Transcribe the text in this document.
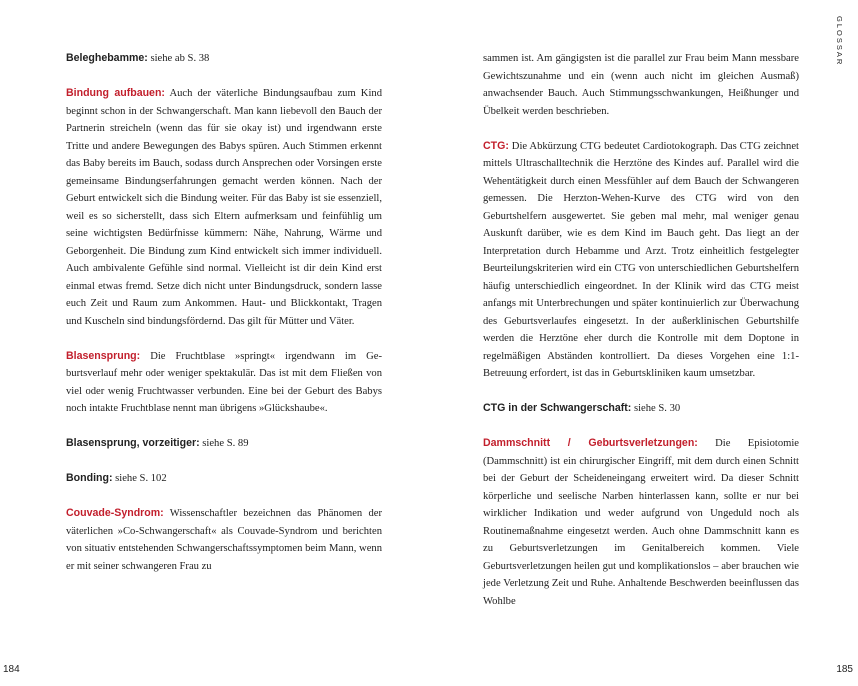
Beleghebamme: siehe ab S. 38

Bindung aufbauen: Auch der väterliche Bindungsaufbau zum Kind beginnt schon in der Schwangerschaft. Man kann liebevoll den Bauch der Partnerin streicheln (wenn das für sie okay ist) und irgendwann erste Tritte und andere Bewegungen des Babys spüren. Auch Stimmen erkennt das Baby bereits im Bauch, sodass durch Ansprechen oder Vorsingen erste gemeinsame Bindungserfahrungen gemacht werden können. Nach der Geburt entwickelt sich die Bindung weiter. Für das Baby ist sie essenziell, weil es so sicherstellt, dass sich Eltern aufmerksam und feinfühlig um seine wichtigsten Bedürfnisse kümmern: Nähe, Nahrung, Wärme und Geborgenheit. Die Bindung zum Kind entwickelt sich immer individuell. Auch ambivalente Gefühle sind normal. Vielleicht ist dir dein Kind erst einmal etwas fremd. Setze dich nicht unter Bindungsdruck, sondern lasse euch Zeit und Raum zum Ankommen. Haut- und Blickkontakt, Tragen und Kuscheln sind bindungsfördernd. Das gilt für Mütter und Väter.

Blasensprung: Die Fruchtblase »springt« irgendwann im Geburtsverlauf mehr oder weniger spektakulär. Das ist mit dem Fließen von viel oder wenig Fruchtwasser verbunden. Eine bei der Geburt des Babys noch intakte Fruchtblase nennt man übrigens »Glückshaube«.

Blasensprung, vorzeitiger: siehe S. 89

Bonding: siehe S. 102

Couvade-Syndrom: Wissenschaftler bezeichnen das Phänomen der väterlichen »Co-Schwangerschaft« als Couvade-Syndrom und berichten von situativ entstehenden Schwangerschaftssymptomen beim Mann, wenn er mit seiner schwangeren Frau zu

sammen ist. Am gängigsten ist die parallel zur Frau beim Mann messbare Gewichtszunahme und ein (wenn auch nicht im gleichen Ausmaß) anwachsender Bauch. Auch Stimmungsschwankungen, Heißhunger und Übelkeit werden beschrieben.

CTG: Die Abkürzung CTG bedeutet Cardiotokograph. Das CTG zeichnet mittels Ultraschalltechnik die Herztöne des Kindes auf. Parallel wird die Wehentätigkeit durch einen Messfühler auf dem Bauch der Schwangeren gemessen. Die Herzton-Wehen-Kurve des CTG wird von den Geburtshelfern ausgewertet. Sie geben mal mehr, mal weniger genau Auskunft darüber, wie es dem Kind im Bauch geht. Das liegt an der Interpretation durch Hebamme und Arzt. Trotz einheitlich festgelegter Beurteilungskriterien wird ein CTG von unterschiedlichen Geburtshelfern häufig unterschiedlich eingeordnet. In der Klinik wird das CTG meist anfangs mit Unterbrechungen und später kontinuierlich zur Überwachung des Geburtsverlaufes eingesetzt. In der außerklinischen Geburtshilfe werden die Herztöne eher durch die Kontrolle mit dem Doptone in regelmäßigen Abständen kontrolliert. Da dieses Vorgehen eine 1:1-Betreuung erfordert, ist das in Geburtskliniken kaum umsetzbar.

CTG in der Schwangerschaft: siehe S. 30

Dammschnitt / Geburtsverletzungen: Die Episiotomie (Dammschnitt) ist ein chirurgischer Eingriff, mit dem durch einen Schnitt bei der Geburt der Scheideneingang erweitert wird. Da dieser Schnitt körperliche und seelische Narben hinterlassen kann, sollte er nur bei wirklicher Indikation und weder aufgrund von Ungeduld noch als Routinemaßnahme eingesetzt werden. Auch ohne Dammschnitt kann es zu Geburtsverletzungen im Genitalbereich kommen. Viele Geburtsverletzungen heilen gut und komplikationslos – aber brauchen wie jede Verletzung Zeit und Ruhe. Anhaltende Beschwerden beeinflussen das Wohlbe

GLOSSAR
184	185
